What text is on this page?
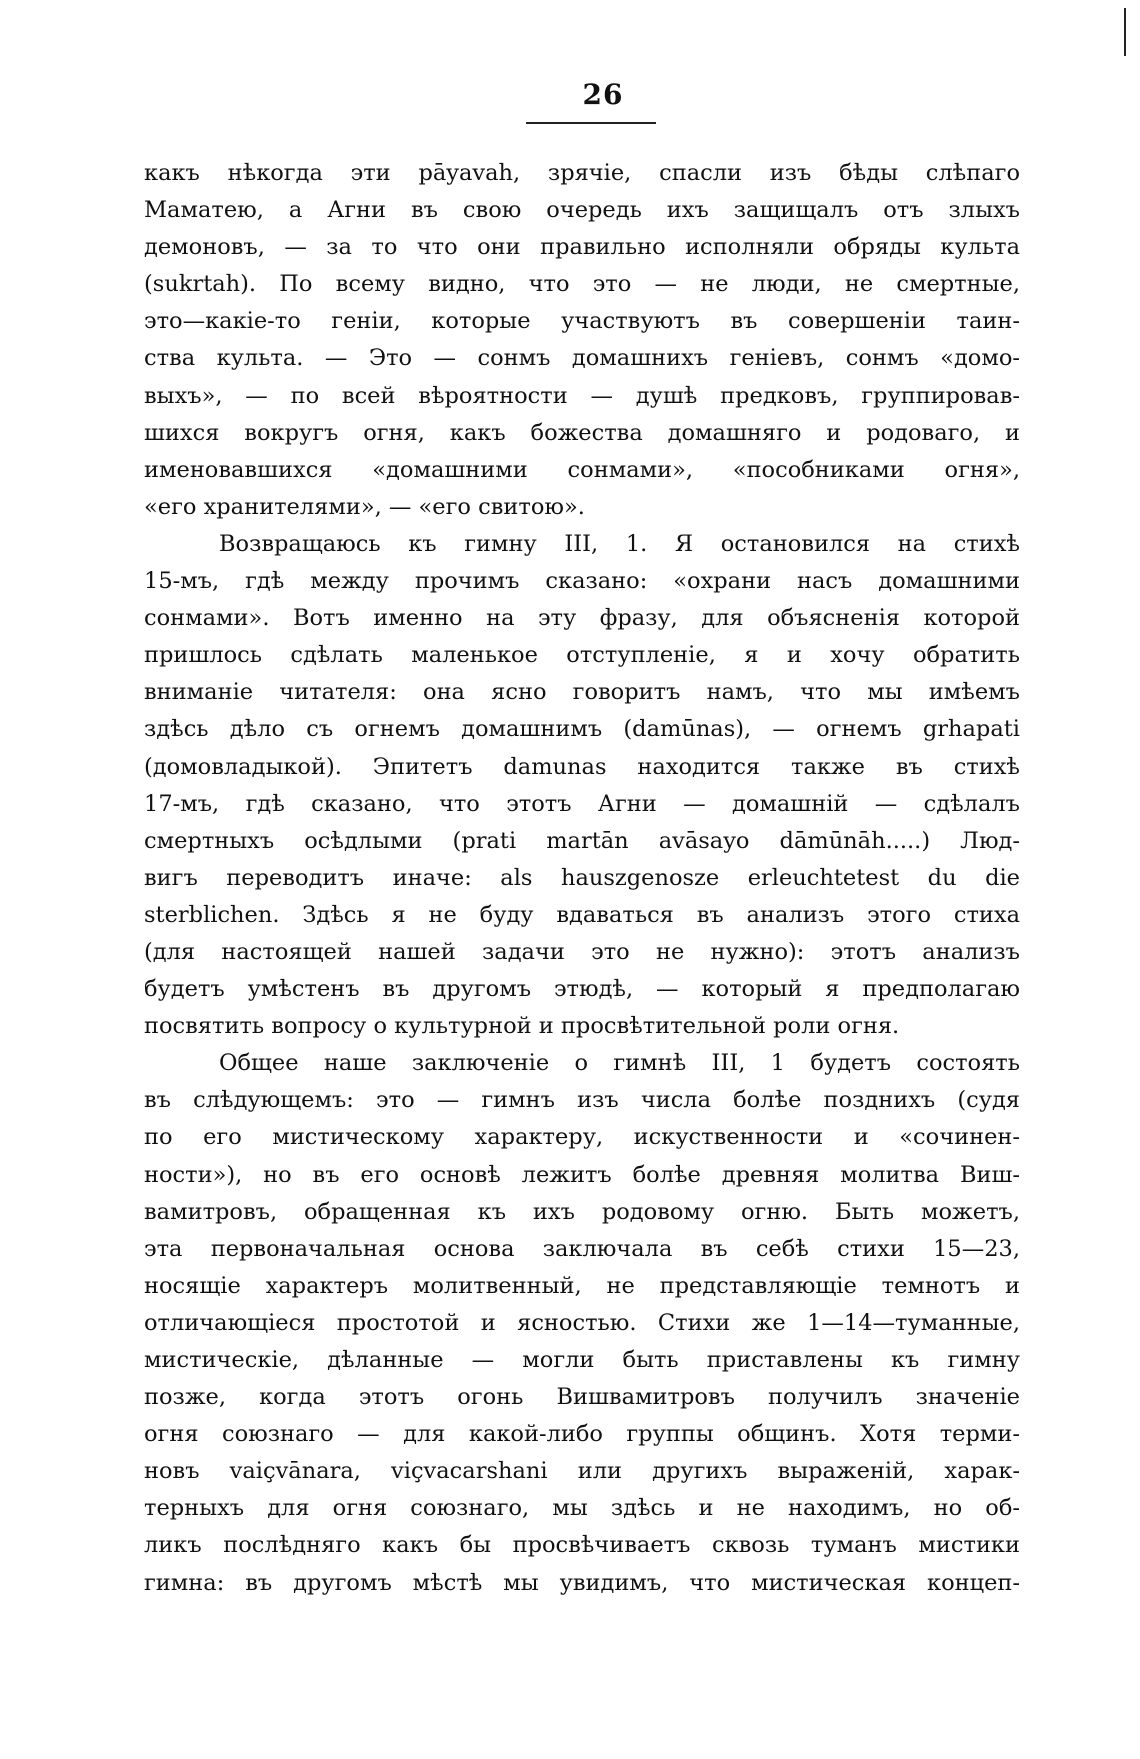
26
какъ нѣкогда эти pāyavah, зрячіе, спасли изъ бѣды слѣпаго
Маматею, а Агни въ свою очередь ихъ защищалъ отъ злыхъ
демоновъ, — за то что они правильно исполняли обряды культа
(sukrtah). По всему видно, что это — не люди, не смертные,
это—какіе-то геніи, которые участвуютъ въ совершеніи таин-
ства культа. — Это — сонмъ домашнихъ геніевъ, сонмъ «домо-
выхъ», — по всей вѣроятности — душѣ предковъ, группировав-
шихся вокругъ огня, какъ божества домашняго и родоваго, и
именовавшихся «домашними сонмами», «пособниками огня»,
«его хранителями», — «его свитою».
Возвращаюсь къ гимну III, 1. Я остановился на стихѣ
15-мъ, гдѣ между прочимъ сказано: «охрани насъ домашними
сонмами». Вотъ именно на эту фразу, для объясненія которой
пришлось сдѣлать маленькое отступленіе, я и хочу обратить
вниманіе читателя: она ясно говоритъ намъ, что мы имѣемъ
здѣсь дѣло съ огнемъ домашнимъ (damūnas), — огнемъ grhapati
(домовладыкой). Эпитетъ damunas находится также въ стихѣ
17-мъ, гдѣ сказано, что этотъ Агни — домашній — сдѣлалъ
смертныхъ осѣдлыми (prati martān avāsayo dāmūnāh.....) Люд-
вигъ переводитъ иначе: als hauszgenosze erleuchtetest du die
sterblichen. Здѣсь я не буду вдаваться въ анализъ этого стиха
(для настоящей нашей задачи это не нужно): этотъ анализъ
будетъ умѣстенъ въ другомъ этюдѣ, — который я предполагаю
посвятить вопросу о культурной и просвѣтительной роли огня.
Общее наше заключеніе о гимнѣ III, 1 будетъ состоять
въ слѣдующемъ: это — гимнъ изъ числа болѣе позднихъ (судя
по его мистическому характеру, искуственности и «сочинен-
ности»), но въ его основѣ лежитъ болѣе древняя молитва Виш-
вамитровъ, обращенная къ ихъ родовому огню. Быть можетъ,
эта первоначальная основа заключала въ себѣ стихи 15—23,
носящіе характеръ молитвенный, не представляющіе темнотъ и
отличающіеся простотой и ясностью. Стихи же 1—14—туманные,
мистическіе, дѣланные — могли быть приставлены къ гимну
позже, когда этотъ огонь Вишвамитровъ получилъ значеніе
огня союзнаго — для какой-либо группы общинъ. Хотя терми-
новъ vaiçvānara, viçvacarshani или другихъ выраженій, харак-
терныхъ для огня союзнаго, мы здѣсь и не находимъ, но об-
ликъ послѣдняго какъ бы просвѣчиваетъ сквозь туманъ мистики
гимна: въ другомъ мѣстѣ мы увидимъ, что мистическая концеп-
